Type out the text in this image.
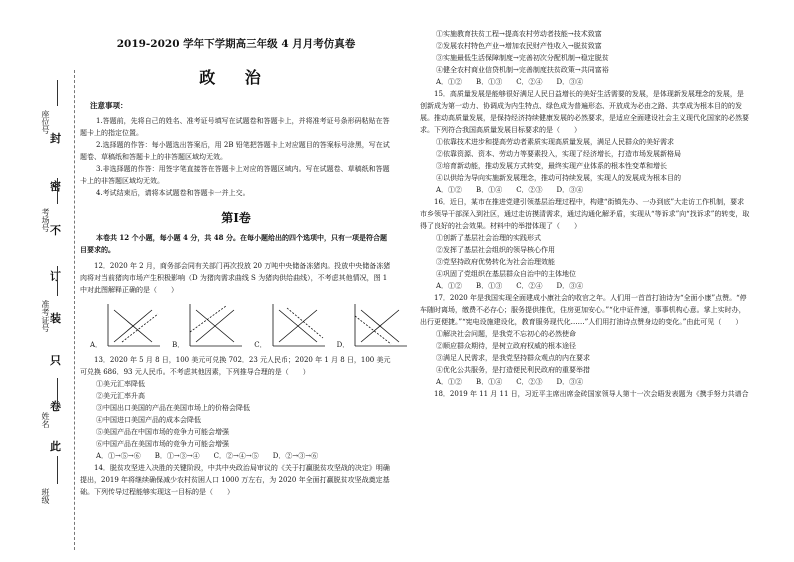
封
密
不
订
装
只
卷
此
座位号
考场号
准考证号
姓名
班级
2019-2020 学年下学期高三年级 4 月月考仿真卷
政 治
注意事项：

1.答题前，先将自己的姓名、准考证号填写在试题卷和答题卡上，并将准考证号条形码粘贴在答题卡上的指定位置。

2.选择题的作答：每小题选出答案后，用 2B 铅笔把答题卡上对应题目的答案标号涂黑，写在试题卷、草稿纸和答题卡上的非答题区域均无效。

3.非选择题的作答：用签字笔直接答在答题卡上对应的答题区域内。写在试题卷、草稿纸和答题卡上的非答题区域均无效。

4.考试结束后，请将本试题卷和答题卡一并上交。

第Ⅰ卷

本卷共 12 个小题，每小题 4 分，共 48 分。在每小题给出的四个选项中，只有一项是符合题目要求的。

12．2020 年 2 月，商务部会同有关部门再次投放 20 万吨中央储备冻猪肉。投放中央储备冻猪肉将对当前猪肉市场产生积极影响（D 为猪肉需求曲线 S 为猪肉供给曲线），不考虑其他情况，图 1 中对此图解释正确的是（　　）

A．	B．	C．	D．

13．2020 年 5 月 8 日，100 美元可兑换 702．23 元人民币；2020 年 1 月 8 日，100 美元可兑换 686．93 元人民币。不考虑其他因素，下列推导合理的是（　　）

①美元汇率降低

②美元汇率升高

③中国出口美国的产品在美国市场上的价格会降低

④中国进口美国产品的成本会降低

⑤美国产品在中国市场的竞争力可能会增强

⑥中国产品在美国市场的竞争力可能会增强

A．①→⑤→⑥　　B．①→③→④　　C．②→④→⑤　　D．②→③→⑥

14．脱贫攻坚进入决胜的关键阶段，中共中央政治局审议的《关于打赢脱贫攻坚战的决定》明确提出，2019 年将继续确保减少农村贫困人口 1000 万左右，为 2020 年全面打赢脱贫攻坚战奠定基础。下列传导过程能够实现这一目标的是（　　）

①实施教育扶贫工程→提高农村劳动者技能→技术致富

②发展农村特色产业→增加农民财产性收入→脱贫致富

③实施最低生活保障制度→完善初次分配机制→稳定脱贫

④健全农村商业信贷机制→完善制度扶贫政策→共同富裕

A．①②　　B．①③　　C．②④　　D．③④

15．高质量发展是能够很好满足人民日益增长的美好生活需要的发展，是体现新发展理念的发展，是创新成为第一动力、协调成为内生特点、绿色成为普遍形态、开放成为必由之路、共享成为根本目的的发展。推动高质量发展，是保持经济持续健康发展的必然要求，是适应全面建设社会主义现代化国家的必然要求。下列符合我国高质量发展目标要求的是（　　）

①依靠技术进步和提高劳动者素质实现高质量发展，满足人民群众的美好需求

②依靠资源、资本、劳动力等要素投入，实现了经济增长，打造市场发展新格局

③培育新动能，推动发展方式转变，最终实现产业体系的根本性变革和增长

④以供给为导向实施新发展理念，推动可持续发展，实现人的发展成为根本目的

A．①②　　B．①④　　C．②③　　D．③④

16．近日，某市在推进党建引领基层治理过程中，构建“街镇先办、一办到底”大走访工作机制，要求市乡领导干部深入到社区，通过走访摸清需求，通过沟通化解矛盾，实现从“等诉求”向“找诉求”的转变，取得了良好的社会效果。材料中的举措体现了（　　）

①创新了基层社会治理的实践形式

②发挥了基层社会组织的领导核心作用

③党坚持政府优势转化为社会治理效能

④巩固了党组织在基层群众自治中的主体地位

A．①②　　B．①③　　C．②④　　D．③④

17．2020 年是我国实现全面建成小康社会的收官之年。人们用一首首打油诗为“全面小康”点赞。“停车随时离场，缴费不必存心；服务提供推优，住房更加安心。”“化中证件速，事事机构心意。掌上实时办，出行更便捷。”“宪电设施建设化，教育服务现代化……”人们用打油诗点赞身边的变化。”由此可见（　　）

①解决社会问题，是我党不忘初心的必然使命

②顺应群众期待，是树立政府权威的根本途径

③满足人民需求，是我党坚持群众观点的内在要求

④优化公共服务，是打造便民利民政府的重要举措

A．①②　　B．①④　　C．②③　　D．③④

18．2019 年 11 月 11 日，习近平主席出席金砖国家领导人第十一次会晤发表题为《携手努力共谱合
